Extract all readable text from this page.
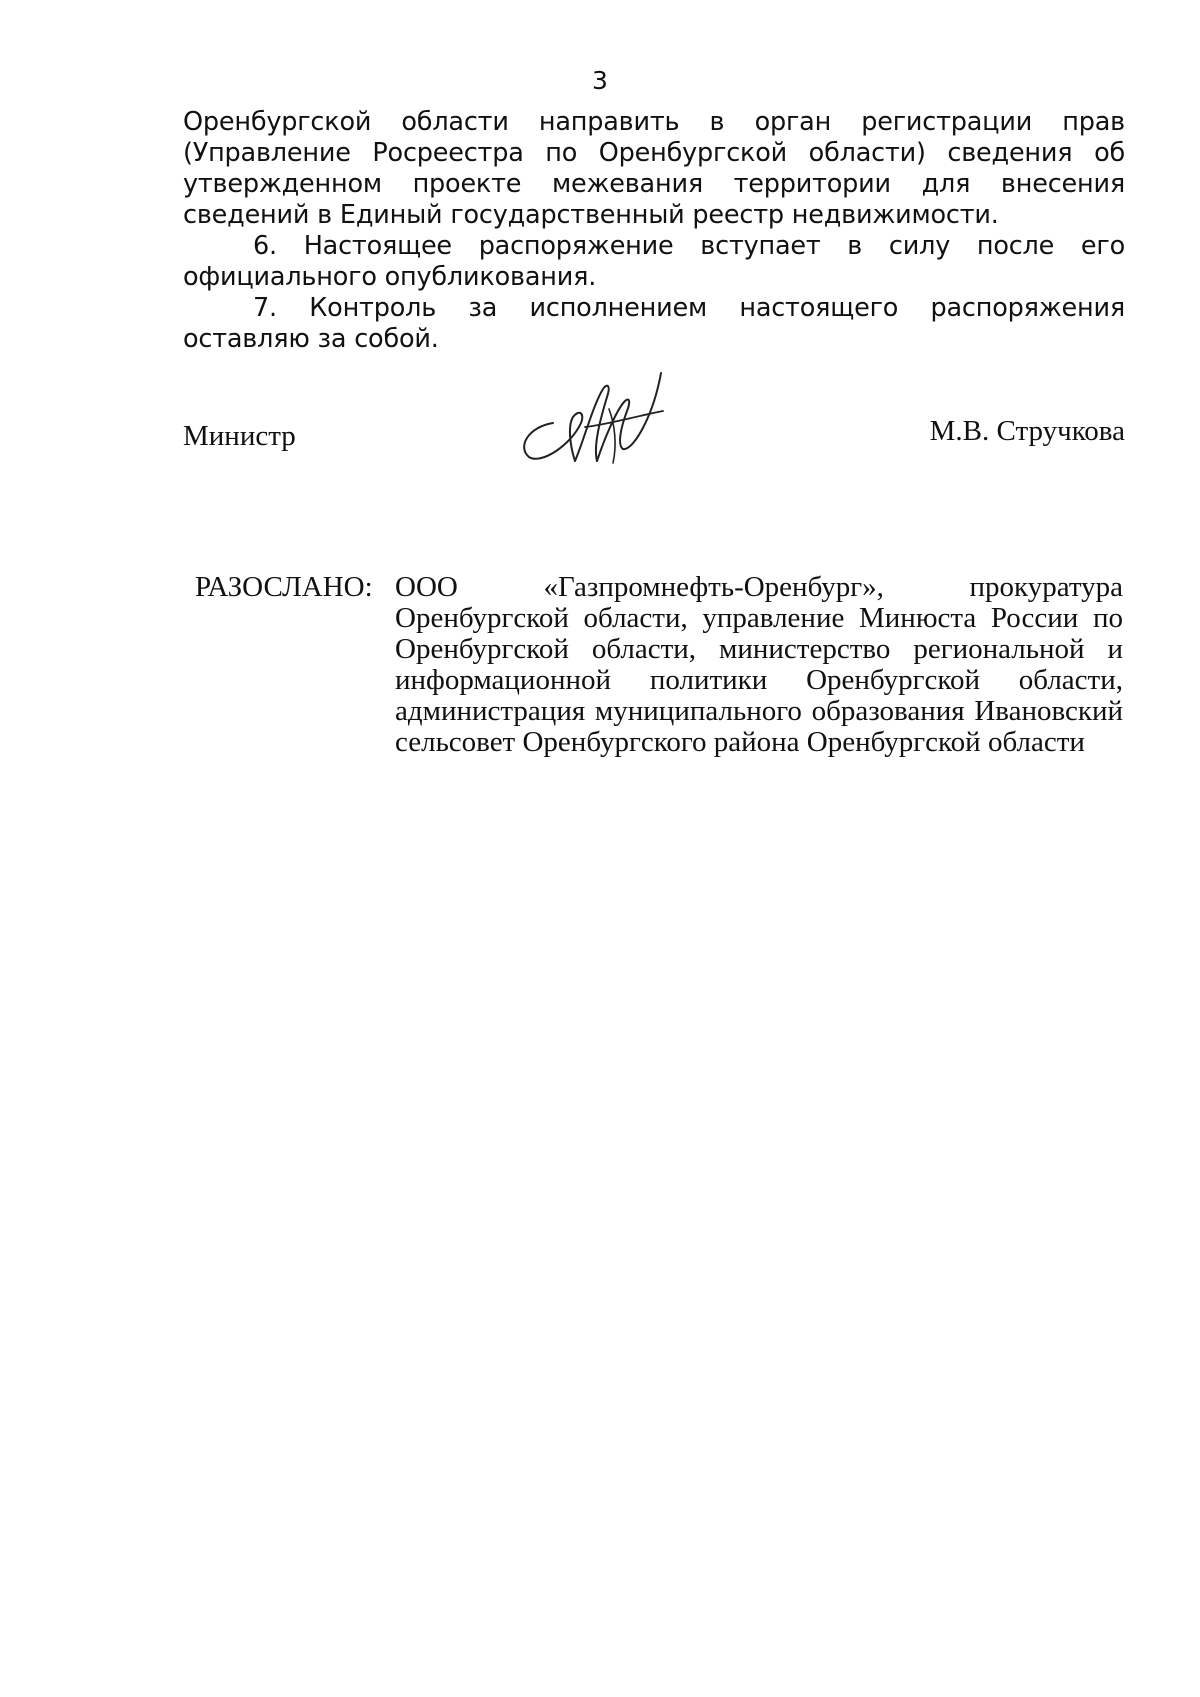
3

Оренбургской области направить в орган регистрации прав (Управление Росреестра по Оренбургской области) сведения об утвержденном проекте межевания территории для внесения сведений в Единый государственный реестр недвижимости.

6. Настоящее распоряжение вступает в силу после его официального опубликования.

7. Контроль за исполнением настоящего распоряжения оставляю за собой.

Министр	М.В. Стручкова
РАЗОСЛАНО: ООО «Газпромнефть-Оренбург», прокуратура Оренбургской области, управление Минюста России по Оренбургской области, министерство региональной и информационной политики Оренбургской области, администрация муниципального образования Ивановский сельсовет Оренбургского района Оренбургской области
